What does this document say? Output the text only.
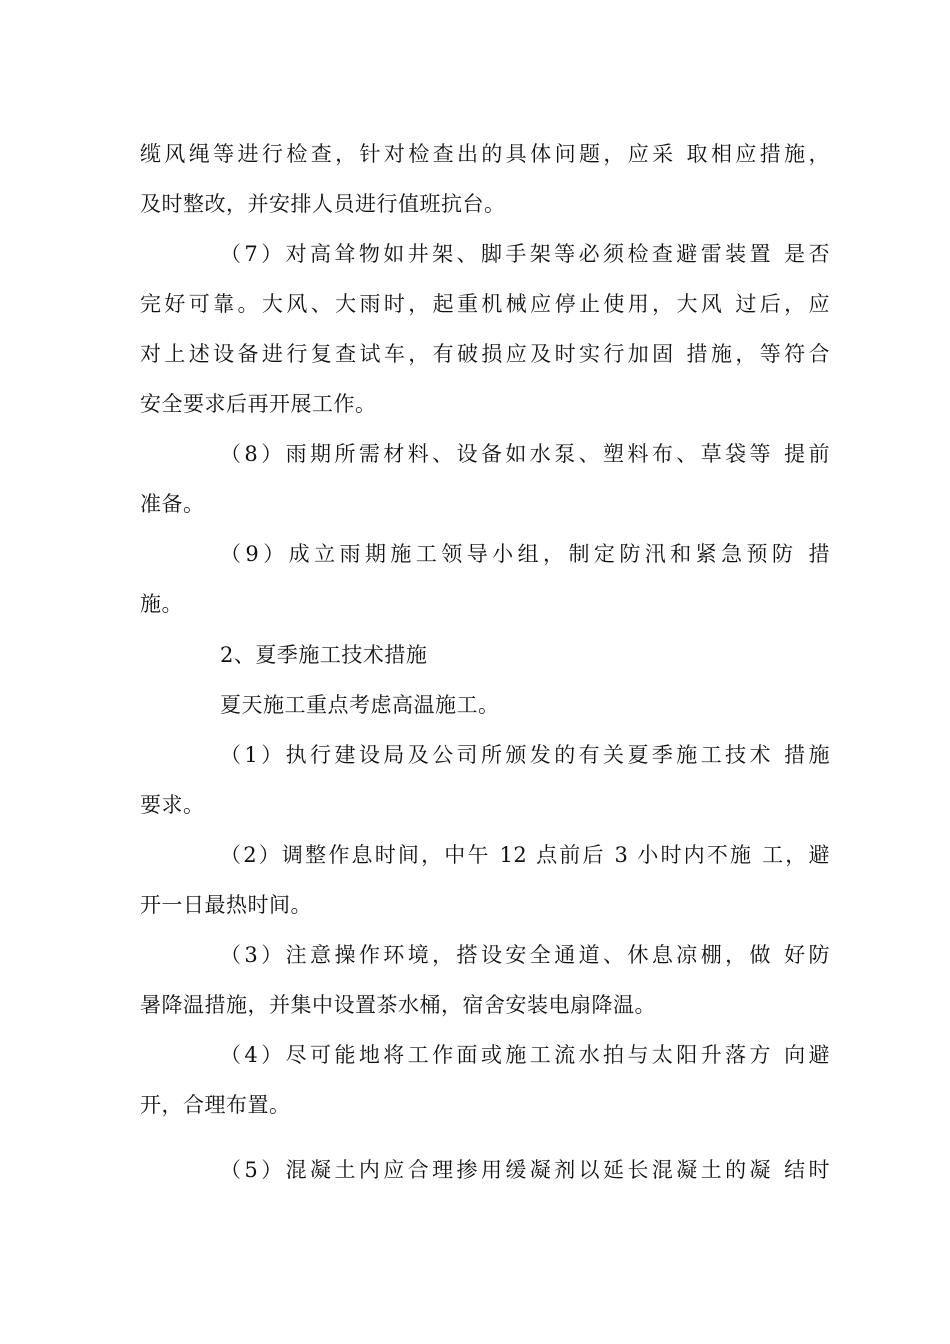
缆风绳等进行检查，针对检查出的具体问题，应采 取相应措施，
及时整改，并安排人员进行值班抗台。
（7）对高耸物如井架、脚手架等必须检查避雷装置 是否
完好可靠。大风、大雨时，起重机械应停止使用，大风 过后，应
对上述设备进行复查试车，有破损应及时实行加固 措施，等符合
安全要求后再开展工作。
（8）雨期所需材料、设备如水泵、塑料布、草袋等 提前
准备。
（9）成立雨期施工领导小组，制定防汛和紧急预防 措
施。
2、夏季施工技术措施
夏天施工重点考虑高温施工。
（1）执行建设局及公司所颁发的有关夏季施工技术 措施
要求。
（2）调整作息时间，中午 12 点前后 3 小时内不施 工，避
开一日最热时间。
（3）注意操作环境，搭设安全通道、休息凉棚，做 好防
暑降温措施，并集中设置茶水桶，宿舍安装电扇降温。
（4）尽可能地将工作面或施工流水拍与太阳升落方 向避
开，合理布置。
（5）混凝土内应合理掺用缓凝剂以延长混凝土的凝 结时
